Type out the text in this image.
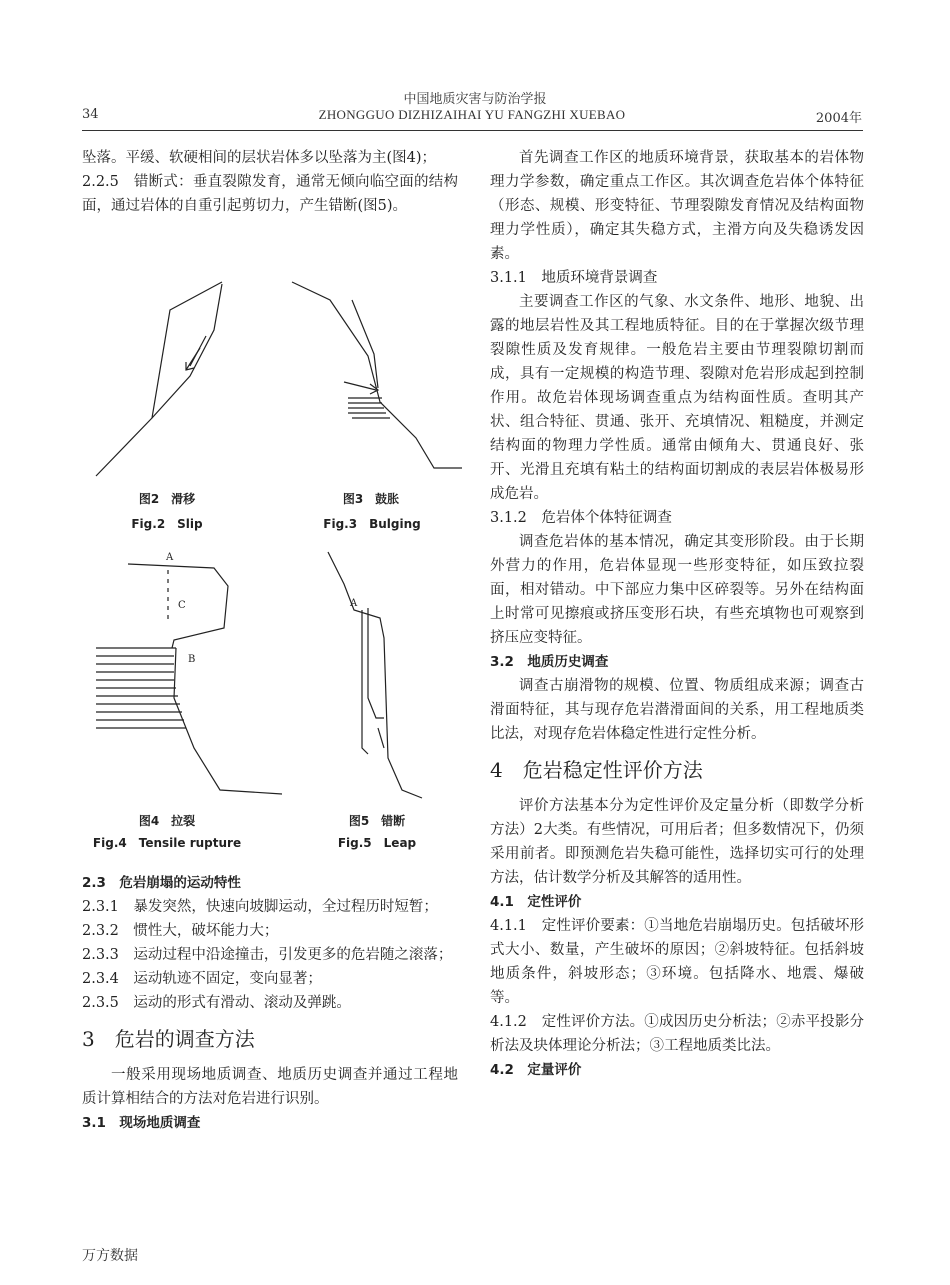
中国地质灾害与防治学报
34	ZHONGGUO DIZHIZAIHAI YU FANGZHI XUEBAO	2004年

坠落。平缓、软硬相间的层状岩体多以坠落为主(图4)；

2.2.5　错断式：垂直裂隙发育，通常无倾向临空面的结构面，通过岩体的自重引起剪切力，产生错断(图5)。

A
C
B
A
图2　滑移
Fig.2　Slip
图3　鼓胀
Fig.3　Bulging
图4　拉裂
Fig.4　Tensile rupture
图5　错断
Fig.5　Leap

2.3　危岩崩塌的运动特性

2.3.1　暴发突然，快速向坡脚运动，全过程历时短暂；

2.3.2　惯性大，破坏能力大；

2.3.3　运动过程中沿途撞击，引发更多的危岩随之滚落；

2.3.4　运动轨迹不固定，变向显著；

2.3.5　运动的形式有滑动、滚动及弹跳。

3 危岩的调查方法

一般采用现场地质调查、地质历史调查并通过工程地质计算相结合的方法对危岩进行识别。

3.1　现场地质调查

首先调查工作区的地质环境背景，获取基本的岩体物理力学参数，确定重点工作区。其次调查危岩体个体特征（形态、规模、形变特征、节理裂隙发育情况及结构面物理力学性质），确定其失稳方式，主滑方向及失稳诱发因素。

3.1.1　地质环境背景调查

主要调查工作区的气象、水文条件、地形、地貌、出露的地层岩性及其工程地质特征。目的在于掌握次级节理裂隙性质及发育规律。一般危岩主要由节理裂隙切割而成，具有一定规模的构造节理、裂隙对危岩形成起到控制作用。故危岩体现场调查重点为结构面性质。查明其产状、组合特征、贯通、张开、充填情况、粗糙度，并测定结构面的物理力学性质。通常由倾角大、贯通良好、张开、光滑且充填有粘土的结构面切割成的表层岩体极易形成危岩。

3.1.2　危岩体个体特征调查

调查危岩体的基本情况，确定其变形阶段。由于长期外营力的作用，危岩体显现一些形变特征，如压致拉裂面，相对错动。中下部应力集中区碎裂等。另外在结构面上时常可见擦痕或挤压变形石块，有些充填物也可观察到挤压应变特征。

3.2　地质历史调查

调查古崩滑物的规模、位置、物质组成来源；调查古滑面特征，其与现存危岩潜滑面间的关系，用工程地质类比法，对现存危岩体稳定性进行定性分析。

4 危岩稳定性评价方法

评价方法基本分为定性评价及定量分析（即数学分析方法）2大类。有些情况，可用后者；但多数情况下，仍须采用前者。即预测危岩失稳可能性，选择切实可行的处理方法，估计数学分析及其解答的适用性。

4.1　定性评价

4.1.1　定性评价要素：①当地危岩崩塌历史。包括破坏形式大小、数量，产生破坏的原因；②斜坡特征。包括斜坡地质条件，斜坡形态；③环境。包括降水、地震、爆破等。

4.1.2　定性评价方法。①成因历史分析法；②赤平投影分析法及块体理论分析法；③工程地质类比法。

4.2　定量评价

万方数据
